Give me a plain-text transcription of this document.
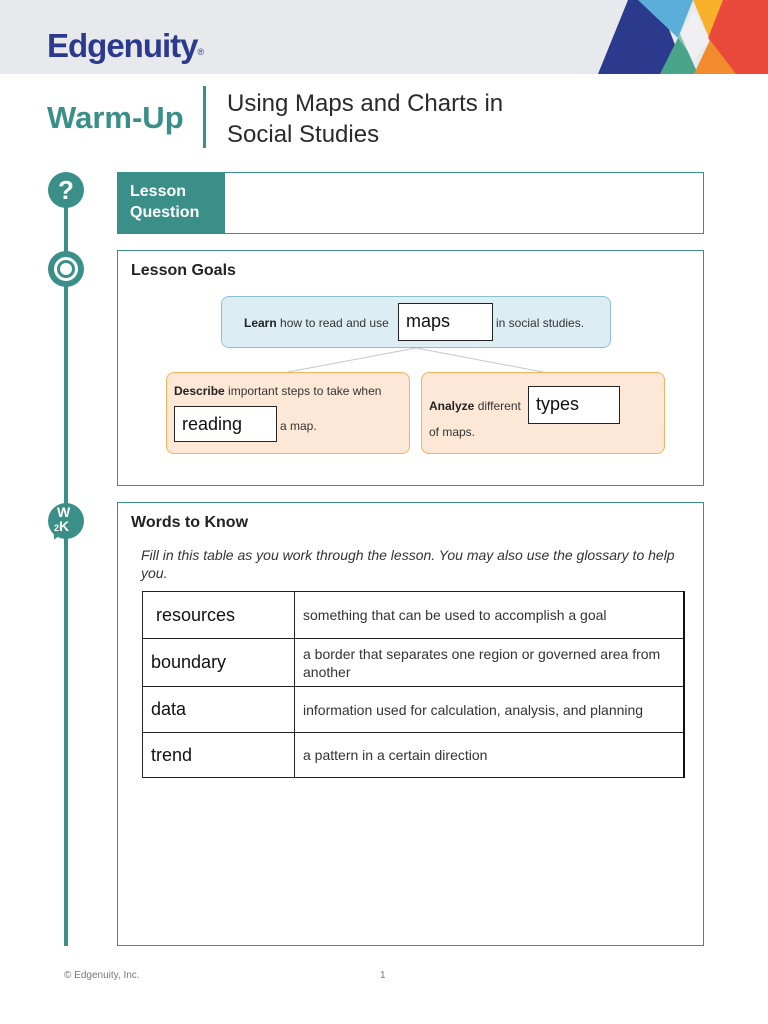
Edgenuity®
Warm-Up Using Maps and Charts in Social Studies
?
W
2K
Lesson Question
Lesson Goals
Learn how to read and use maps	in social studies.
Describe important steps to take when
reading	a map.
Analyze different types
of maps.
Words to Know
Fill in this table as you work through the lesson. You may also use the glossary to help you.
resources	something that can be used to accomplish a goal
boundary	a border that separates one region or governed area from another
data	information used for calculation, analysis, and planning
trend	a pattern in a certain direction
© Edgenuity, Inc.	1
